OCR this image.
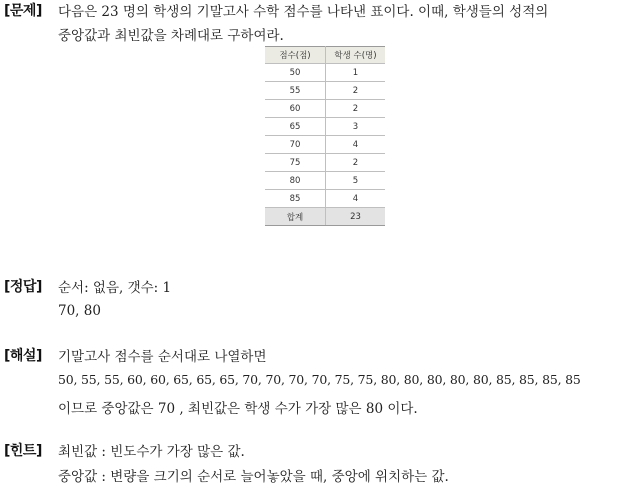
[문제] 다음은 23 명의 학생의 기말고사 수학 점수를 나타낸 표이다. 이때, 학생들의 성적의
중앙값과 최빈값을 차례대로 구하여라.
점수(점)	학생 수(명)
50	1
55	2
60	2
65	3
70	4
75	2
80	5
85	4
합계	23
[정답] 순서: 없음, 갯수: 1
70, 80
[해설] 기말고사 점수를 순서대로 나열하면
50, 55, 55, 60, 60, 65, 65, 65, 70, 70, 70, 70, 75, 75, 80, 80, 80, 80, 80, 85, 85, 85, 85
이므로 중앙값은 70 , 최빈값은 학생 수가 가장 많은 80 이다.
[힌트] 최빈값 : 빈도수가 가장 많은 값.
중앙값 : 변량을 크기의 순서로 늘어놓았을 때, 중앙에 위치하는 값.
